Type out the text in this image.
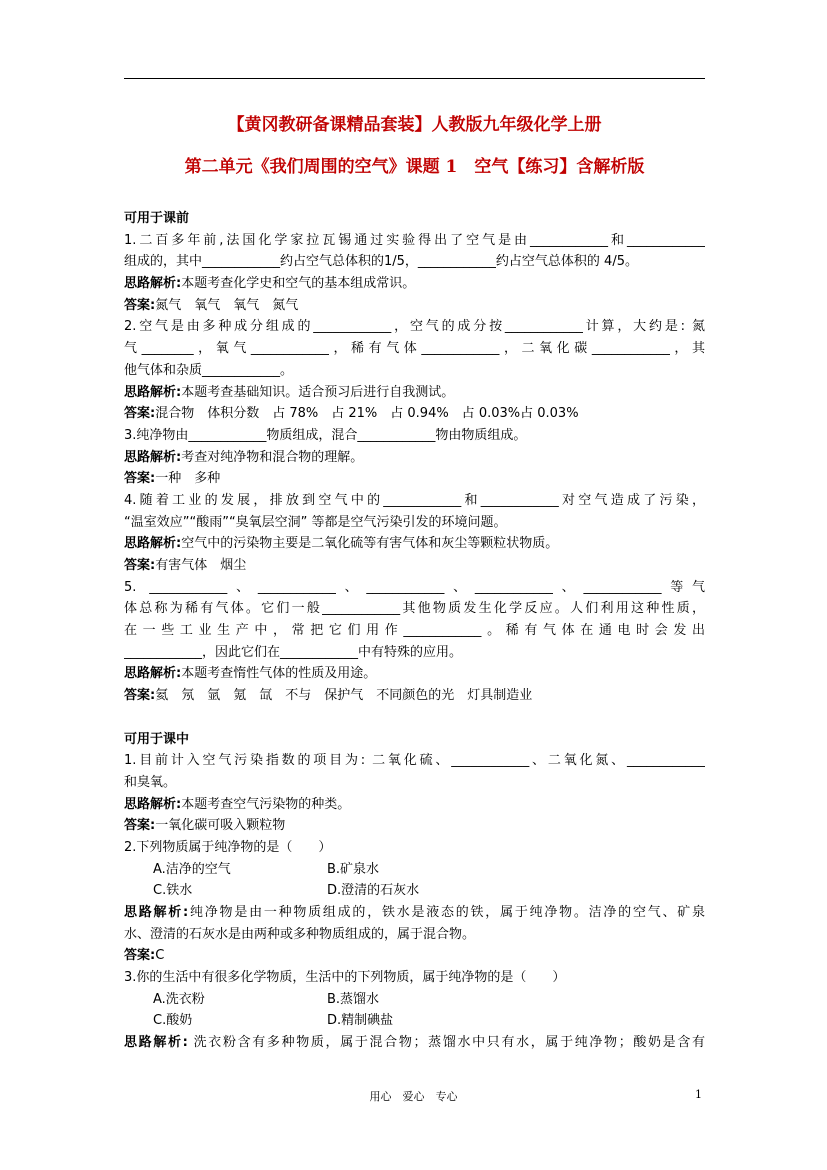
【黄冈教研备课精品套装】人教版九年级化学上册
第二单元《我们周围的空气》课题 1　空气【练习】含解析版
可用于课前
1.二百多年前,法国化学家拉瓦锡通过实验得出了空气是由____________和____________
组成的，其中____________约占空气总体积的1/5，____________约占空气总体积的 4/5。
思路解析:本题考查化学史和空气的基本组成常识。
答案:氮气　氧气　氧气　氮气
2.空气是由多种成分组成的____________，空气的成分按____________计算，大约是: 氮
气________，氧气____________，稀有气体____________，二氧化碳____________，其
他气体和杂质____________。
思路解析:本题考查基础知识。适合预习后进行自我测试。
答案:混合物　体积分数　占 78%　占 21%　占 0.94%　占 0.03%占 0.03%
3.纯净物由____________物质组成，混合____________物由物质组成。
思路解析:考查对纯净物和混合物的理解。
答案:一种　多种
4.随着工业的发展，排放到空气中的____________和____________对空气造成了污染，
“温室效应”“酸雨”“臭氧层空洞” 等都是空气污染引发的环境问题。
思路解析:空气中的污染物主要是二氧化硫等有害气体和灰尘等颗粒状物质。
答案:有害气体　烟尘
5. ____________、____________、____________、____________、____________等气
体总称为稀有气体。它们一般____________其他物质发生化学反应。人们利用这种性质，
在一些工业生产中，常把它们用作____________。稀有气体在通电时会发出
____________，因此它们在____________中有特殊的应用。
思路解析:本题考查惰性气体的性质及用途。
答案:氦　氖　氩　氪　氙　不与　保护气　不同颜色的光　灯具制造业
可用于课中
1.目前计入空气污染指数的项目为: 二氧化硫、____________、二氧化氮、____________
和臭氧。
思路解析:本题考查空气污染物的种类。
答案:一氧化碳可吸入颗粒物
2.下列物质属于纯净物的是（　　）
A.洁净的空气	B.矿泉水
C.铁水	D.澄清的石灰水
思路解析:纯净物是由一种物质组成的，铁水是液态的铁，属于纯净物。洁净的空气、矿泉
水、澄清的石灰水是由两种或多种物质组成的，属于混合物。
答案:C
3.你的生活中有很多化学物质，生活中的下列物质，属于纯净物的是（　　）
A.洗衣粉	B.蒸馏水
C.酸奶	D.精制碘盐
思路解析: 洗衣粉含有多种物质，属于混合物；蒸馏水中只有水，属于纯净物；酸奶是含有
用心　爱心　专心	1
